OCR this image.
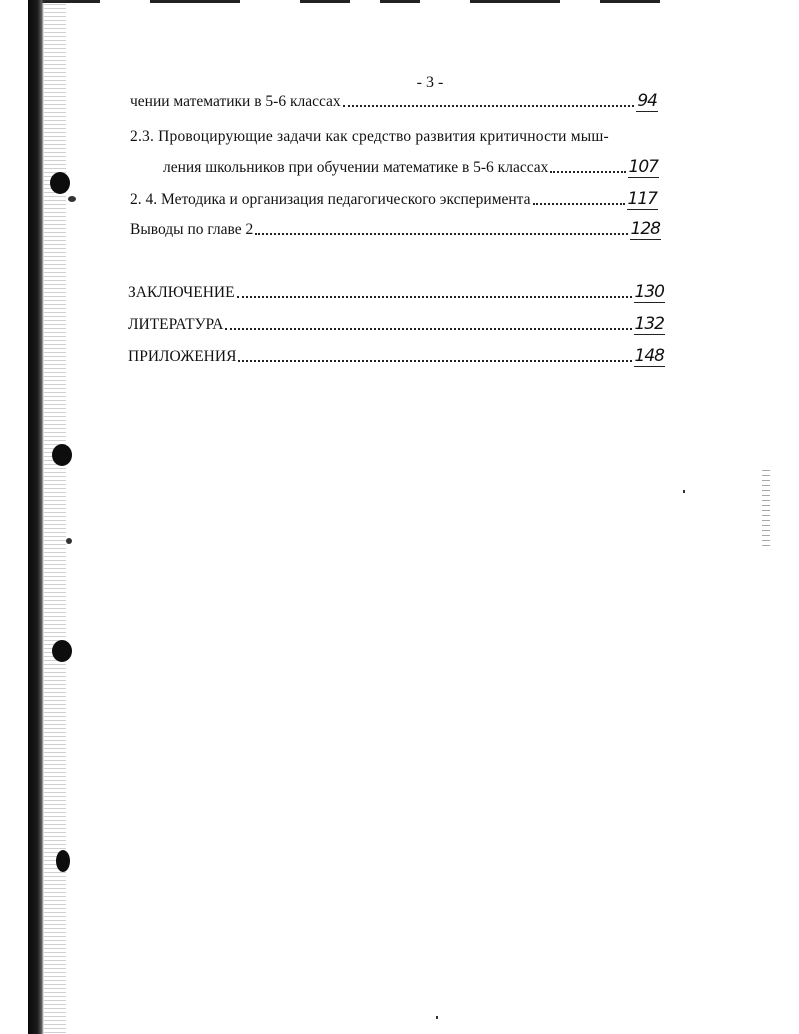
- 3 -
чении математики в 5-6 классах	94
2.3. Провоцирующие задачи как средство развития критичности мыш-
ления школьников при обучении математике в 5-6 классах	107
2. 4. Методика и организация педагогического эксперимента	117
Выводы по главе 2	128
ЗАКЛЮЧЕНИЕ	130
ЛИТЕРАТУРА	132
ПРИЛОЖЕНИЯ	148
